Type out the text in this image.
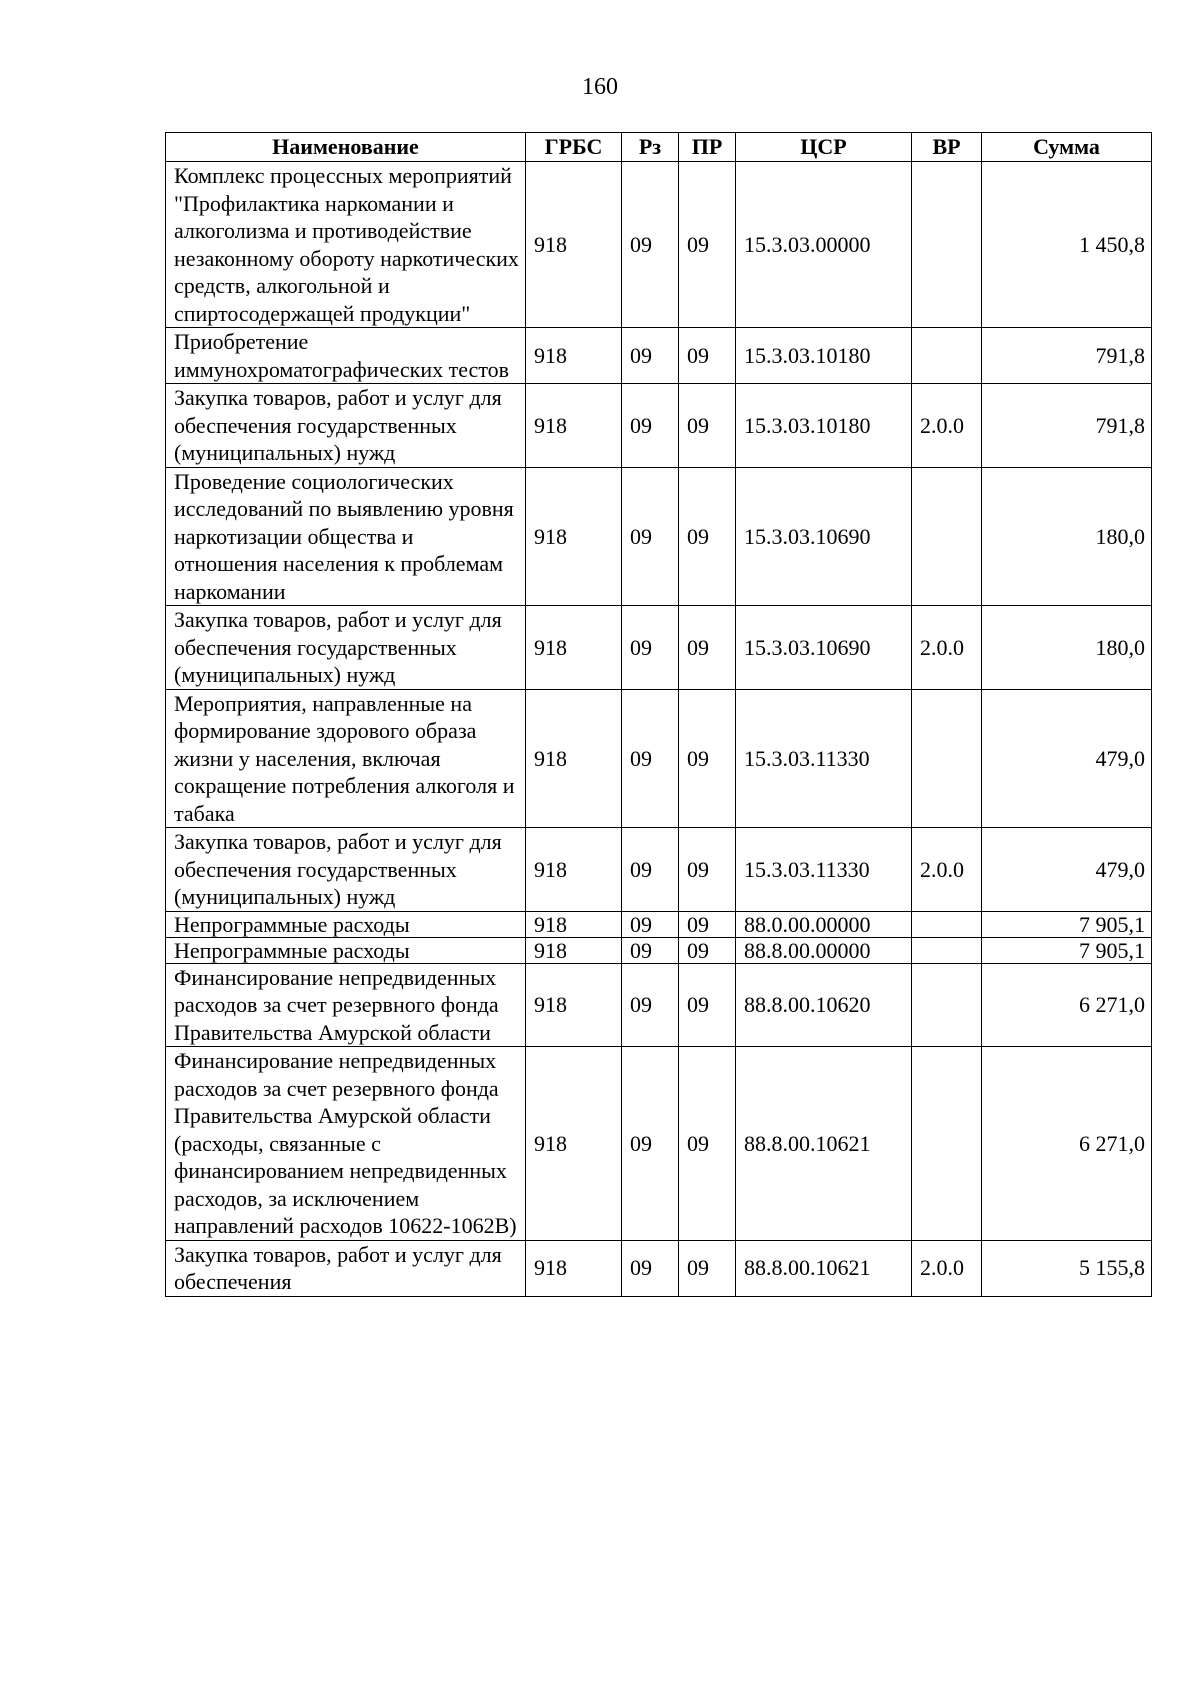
160
Наименование	ГРБС	Рз	ПР	ЦСР	ВР	Сумма
Комплекс процессных мероприятий "Профилактика наркомании и алкоголизма и противодействие незаконному обороту наркотических средств, алкогольной и спиртосодержащей продукции"	918	09	09	15.3.03.00000		1 450,8
Приобретение иммунохроматографических тестов	918	09	09	15.3.03.10180		791,8
Закупка товаров, работ и услуг для обеспечения государственных (муниципальных) нужд	918	09	09	15.3.03.10180	2.0.0	791,8
Проведение социологических исследований по выявлению уровня наркотизации общества и отношения населения к проблемам наркомании	918	09	09	15.3.03.10690		180,0
Закупка товаров, работ и услуг для обеспечения государственных (муниципальных) нужд	918	09	09	15.3.03.10690	2.0.0	180,0
Мероприятия, направленные на формирование здорового образа жизни у населения, включая сокращение потребления алкоголя и табака	918	09	09	15.3.03.11330		479,0
Закупка товаров, работ и услуг для обеспечения государственных (муниципальных) нужд	918	09	09	15.3.03.11330	2.0.0	479,0
Непрограммные расходы	918	09	09	88.0.00.00000		7 905,1
Непрограммные расходы	918	09	09	88.8.00.00000		7 905,1
Финансирование непредвиденных расходов за счет резервного фонда Правительства Амурской области	918	09	09	88.8.00.10620		6 271,0
Финансирование непредвиденных расходов за счет резервного фонда Правительства Амурской области (расходы, связанные с финансированием непредвиденных расходов, за исключением направлений расходов 10622-1062В)	918	09	09	88.8.00.10621		6 271,0
Закупка товаров, работ и услуг для обеспечения	918	09	09	88.8.00.10621	2.0.0	5 155,8
